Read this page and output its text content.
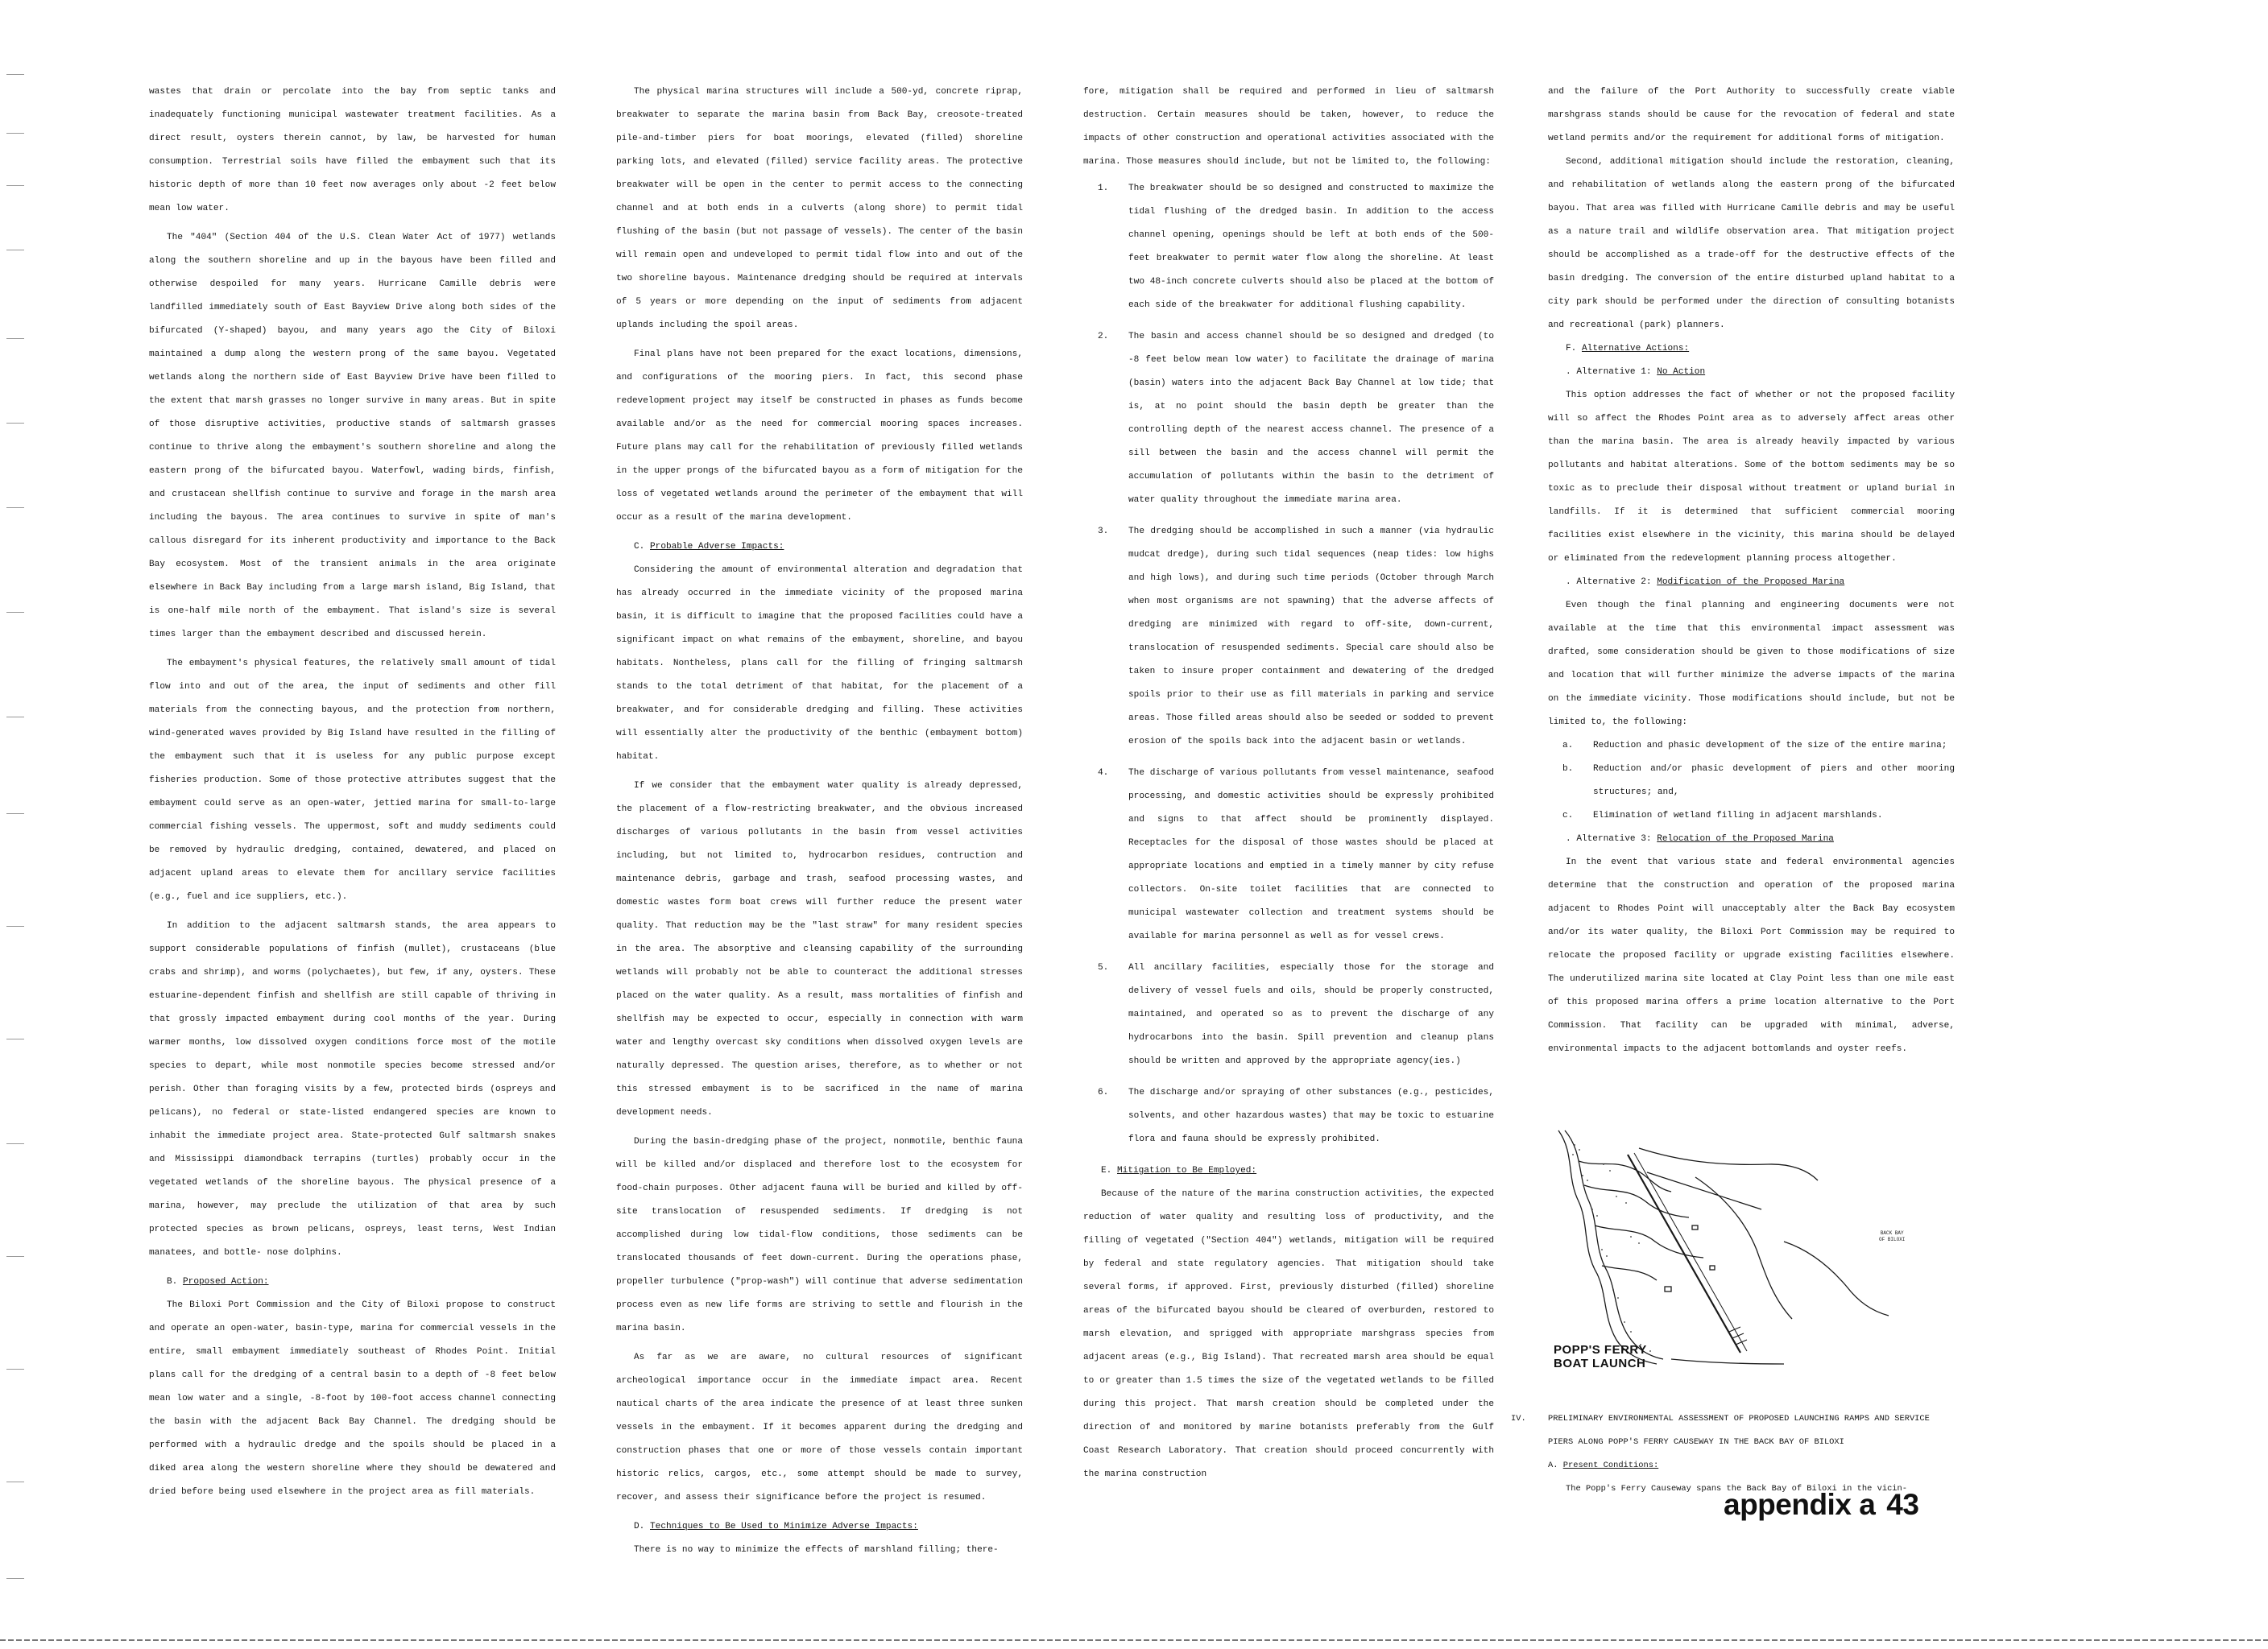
wastes that drain or percolate into the bay from septic tanks and inadequately functioning municipal wastewater treatment facilities. As a direct result, oysters therein cannot, by law, be harvested for human consumption. Terrestrial soils have filled the embayment such that its historic depth of more than 10 feet now averages only about -2 feet below mean low water.

The "404" (Section 404 of the U.S. Clean Water Act of 1977) wetlands along the southern shoreline and up in the bayous have been filled and otherwise despoiled for many years. Hurricane Camille debris were landfilled immediately south of East Bayview Drive along both sides of the bifurcated (Y-shaped) bayou, and many years ago the City of Biloxi maintained a dump along the western prong of the same bayou. Vegetated wetlands along the northern side of East Bayview Drive have been filled to the extent that marsh grasses no longer survive in many areas. But in spite of those disruptive activities, productive stands of saltmarsh grasses continue to thrive along the embayment's southern shoreline and along the eastern prong of the bifurcated bayou. Waterfowl, wading birds, finfish, and crustacean shellfish continue to survive and forage in the marsh area including the bayous. The area continues to survive in spite of man's callous disregard for its inherent productivity and importance to the Back Bay ecosystem. Most of the transient animals in the area originate elsewhere in Back Bay including from a large marsh island, Big Island, that is one-half mile north of the embayment. That island's size is several times larger than the embayment described and discussed herein.

The embayment's physical features, the relatively small amount of tidal flow into and out of the area, the input of sediments and other fill materials from the connecting bayous, and the protection from northern, wind-generated waves provided by Big Island have resulted in the filling of the embayment such that it is useless for any public purpose except fisheries production. Some of those protective attributes suggest that the embayment could serve as an open-water, jettied marina for small-to-large commercial fishing vessels. The uppermost, soft and muddy sediments could be removed by hydraulic dredging, contained, dewatered, and placed on adjacent upland areas to elevate them for ancillary service facilities (e.g., fuel and ice suppliers, etc.).

In addition to the adjacent saltmarsh stands, the area appears to support considerable populations of finfish (mullet), crustaceans (blue crabs and shrimp), and worms (polychaetes), but few, if any, oysters. These estuarine-dependent finfish and shellfish are still capable of thriving in that grossly impacted embayment during cool months of the year. During warmer months, low dissolved oxygen conditions force most of the motile species to depart, while most nonmotile species become stressed and/or perish. Other than foraging visits by a few, protected birds (ospreys and pelicans), no federal or state-listed endangered species are known to inhabit the immediate project area. State-protected Gulf saltmarsh snakes and Mississippi diamondback terrapins (turtles) probably occur in the vegetated wetlands of the shoreline bayous. The physical presence of a marina, however, may preclude the utilization of that area by such protected species as brown pelicans, ospreys, least terns, West Indian manatees, and bottle- nose dolphins.

B. Proposed Action:

The Biloxi Port Commission and the City of Biloxi propose to construct and operate an open-water, basin-type, marina for commercial vessels in the entire, small embayment immediately southeast of Rhodes Point. Initial plans call for the dredging of a central basin to a depth of -8 feet below mean low water and a single, -8-foot by 100-foot access channel connecting the basin with the adjacent Back Bay Channel. The dredging should be performed with a hydraulic dredge and the spoils should be placed in a diked area along the western shoreline where they should be dewatered and dried before being used elsewhere in the project area as fill materials.

The physical marina structures will include a 500-yd, concrete riprap, breakwater to separate the marina basin from Back Bay, creosote-treated pile-and-timber piers for boat moorings, elevated (filled) shoreline parking lots, and elevated (filled) service facility areas. The protective breakwater will be open in the center to permit access to the connecting channel and at both ends in a culverts (along shore) to permit tidal flushing of the basin (but not passage of vessels). The center of the basin will remain open and undeveloped to permit tidal flow into and out of the two shoreline bayous. Maintenance dredging should be required at intervals of 5 years or more depending on the input of sediments from adjacent uplands including the spoil areas.

Final plans have not been prepared for the exact locations, dimensions, and configurations of the mooring piers. In fact, this second phase redevelopment project may itself be constructed in phases as funds become available and/or as the need for commercial mooring spaces increases. Future plans may call for the rehabilitation of previously filled wetlands in the upper prongs of the bifurcated bayou as a form of mitigation for the loss of vegetated wetlands around the perimeter of the embayment that will occur as a result of the marina development.

C. Probable Adverse Impacts:

Considering the amount of environmental alteration and degradation that has already occurred in the immediate vicinity of the proposed marina basin, it is difficult to imagine that the proposed facilities could have a significant impact on what remains of the embayment, shoreline, and bayou habitats. Nontheless, plans call for the filling of fringing saltmarsh stands to the total detriment of that habitat, for the placement of a breakwater, and for considerable dredging and filling. These activities will essentially alter the productivity of the benthic (embayment bottom) habitat.

If we consider that the embayment water quality is already depressed, the placement of a flow-restricting breakwater, and the obvious increased discharges of various pollutants in the basin from vessel activities including, but not limited to, hydrocarbon residues, contruction and maintenance debris, garbage and trash, seafood processing wastes, and domestic wastes form boat crews will further reduce the present water quality. That reduction may be the "last straw" for many resident species in the area. The absorptive and cleansing capability of the surrounding wetlands will probably not be able to counteract the additional stresses placed on the water quality. As a result, mass mortalities of finfish and shellfish may be expected to occur, especially in connection with warm water and lengthy overcast sky conditions when dissolved oxygen levels are naturally depressed. The question arises, therefore, as to whether or not this stressed embayment is to be sacrificed in the name of marina development needs.

During the basin-dredging phase of the project, nonmotile, benthic fauna will be killed and/or displaced and therefore lost to the ecosystem for food-chain purposes. Other adjacent fauna will be buried and killed by off-site translocation of resuspended sediments. If dredging is not accomplished during low tidal-flow conditions, those sediments can be translocated thousands of feet down-current. During the operations phase, propeller turbulence ("prop-wash") will continue that adverse sedimentation process even as new life forms are striving to settle and flourish in the marina basin.

As far as we are aware, no cultural resources of significant archeological importance occur in the immediate impact area. Recent nautical charts of the area indicate the presence of at least three sunken vessels in the embayment. If it becomes apparent during the dredging and construction phases that one or more of those vessels contain important historic relics, cargos, etc., some attempt should be made to survey, recover, and assess their significance before the project is resumed.

D. Techniques to Be Used to Minimize Adverse Impacts:

There is no way to minimize the effects of marshland filling; there-

fore, mitigation shall be required and performed in lieu of saltmarsh destruction. Certain measures should be taken, however, to reduce the impacts of other construction and operational activities associated with the marina. Those measures should include, but not be limited to, the following:

1. The breakwater should be so designed and constructed to maximize the tidal flushing of the dredged basin. In addition to the access channel opening, openings should be left at both ends of the 500-feet breakwater to permit water flow along the shoreline. At least two 48-inch concrete culverts should also be placed at the bottom of each side of the breakwater for additional flushing capability.
2. The basin and access channel should be so designed and dredged (to -8 feet below mean low water) to facilitate the drainage of marina (basin) waters into the adjacent Back Bay Channel at low tide; that is, at no point should the basin depth be greater than the controlling depth of the nearest access channel. The presence of a sill between the basin and the access channel will permit the accumulation of pollutants within the basin to the detriment of water quality throughout the immediate marina area.
3. The dredging should be accomplished in such a manner (via hydraulic mudcat dredge), during such tidal sequences (neap tides: low highs and high lows), and during such time periods (October through March when most organisms are not spawning) that the adverse affects of dredging are minimized with regard to off-site, down-current, translocation of resuspended sediments. Special care should also be taken to insure proper containment and dewatering of the dredged spoils prior to their use as fill materials in parking and service areas. Those filled areas should also be seeded or sodded to prevent erosion of the spoils back into the adjacent basin or wetlands.
4. The discharge of various pollutants from vessel maintenance, seafood processing, and domestic activities should be expressly prohibited and signs to that affect should be prominently displayed. Receptacles for the disposal of those wastes should be placed at appropriate locations and emptied in a timely manner by city refuse collectors. On-site toilet facilities that are connected to municipal wastewater collection and treatment systems should be available for marina personnel as well as for vessel crews.
5. All ancillary facilities, especially those for the storage and delivery of vessel fuels and oils, should be properly constructed, maintained, and operated so as to prevent the discharge of any hydrocarbons into the basin. Spill prevention and cleanup plans should be written and approved by the appropriate agency(ies.)
6. The discharge and/or spraying of other substances (e.g., pesticides, solvents, and other hazardous wastes) that may be toxic to estuarine flora and fauna should be expressly prohibited.

E. Mitigation to Be Employed:

Because of the nature of the marina construction activities, the expected reduction of water quality and resulting loss of productivity, and the filling of vegetated ("Section 404") wetlands, mitigation will be required by federal and state regulatory agencies. That mitigation should take several forms, if approved. First, previously disturbed (filled) shoreline areas of the bifurcated bayou should be cleared of overburden, restored to marsh elevation, and sprigged with appropriate marshgrass species from adjacent areas (e.g., Big Island). That recreated marsh area should be equal to or greater than 1.5 times the size of the vegetated wetlands to be filled during this project. That marsh creation should be completed under the direction of and monitored by marine botanists preferably from the Gulf Coast Research Laboratory. That creation should proceed concurrently with the marina construction

and the failure of the Port Authority to successfully create viable marshgrass stands should be cause for the revocation of federal and state wetland permits and/or the requirement for additional forms of mitigation.

Second, additional mitigation should include the restoration, cleaning, and rehabilitation of wetlands along the eastern prong of the bifurcated bayou. That area was filled with Hurricane Camille debris and may be useful as a nature trail and wildlife observation area. That mitigation project should be accomplished as a trade-off for the destructive effects of the basin dredging. The conversion of the entire disturbed upland habitat to a city park should be performed under the direction of consulting botanists and recreational (park) planners.

F. Alternative Actions:

. Alternative 1: No Action

This option addresses the fact of whether or not the proposed facility will so affect the Rhodes Point area as to adversely affect areas other than the marina basin. The area is already heavily impacted by various pollutants and habitat alterations. Some of the bottom sediments may be so toxic as to preclude their disposal without treatment or upland burial in landfills. If it is determined that sufficient commercial mooring facilities exist elsewhere in the vicinity, this marina should be delayed or eliminated from the redevelopment planning process altogether.

. Alternative 2: Modification of the Proposed Marina

Even though the final planning and engineering documents were not available at the time that this environmental impact assessment was drafted, some consideration should be given to those modifications of size and location that will further minimize the adverse impacts of the marina on the immediate vicinity. Those modifications should include, but not be limited to, the following:

a. Reduction and phasic development of the size of the entire marina;
b. Reduction and/or phasic development of piers and other mooring structures; and,
c. Elimination of wetland filling in adjacent marshlands.

. Alternative 3: Relocation of the Proposed Marina

In the event that various state and federal environmental agencies determine that the construction and operation of the proposed marina adjacent to Rhodes Point will unacceptably alter the Back Bay ecosystem and/or its water quality, the Biloxi Port Commission may be required to relocate the proposed facility or upgrade existing facilities elsewhere. The underutilized marina site located at Clay Point less than one mile east of this proposed marina offers a prime location alternative to the Port Commission. That facility can be upgraded with minimal, adverse, environmental impacts to the adjacent bottomlands and oyster reefs.

BACK BAY
OF BILOXI
POPP'S FERRY
BOAT LAUNCH
IV.	PRELIMINARY ENVIRONMENTAL ASSESSMENT OF PROPOSED LAUNCHING RAMPS AND SERVICE PIERS ALONG POPP'S FERRY CAUSEWAY IN THE BACK BAY OF BILOXI
A. Present Conditions:
The Popp's Ferry Causeway spans the Back Bay of Biloxi in the vicin-
appendix a 43
